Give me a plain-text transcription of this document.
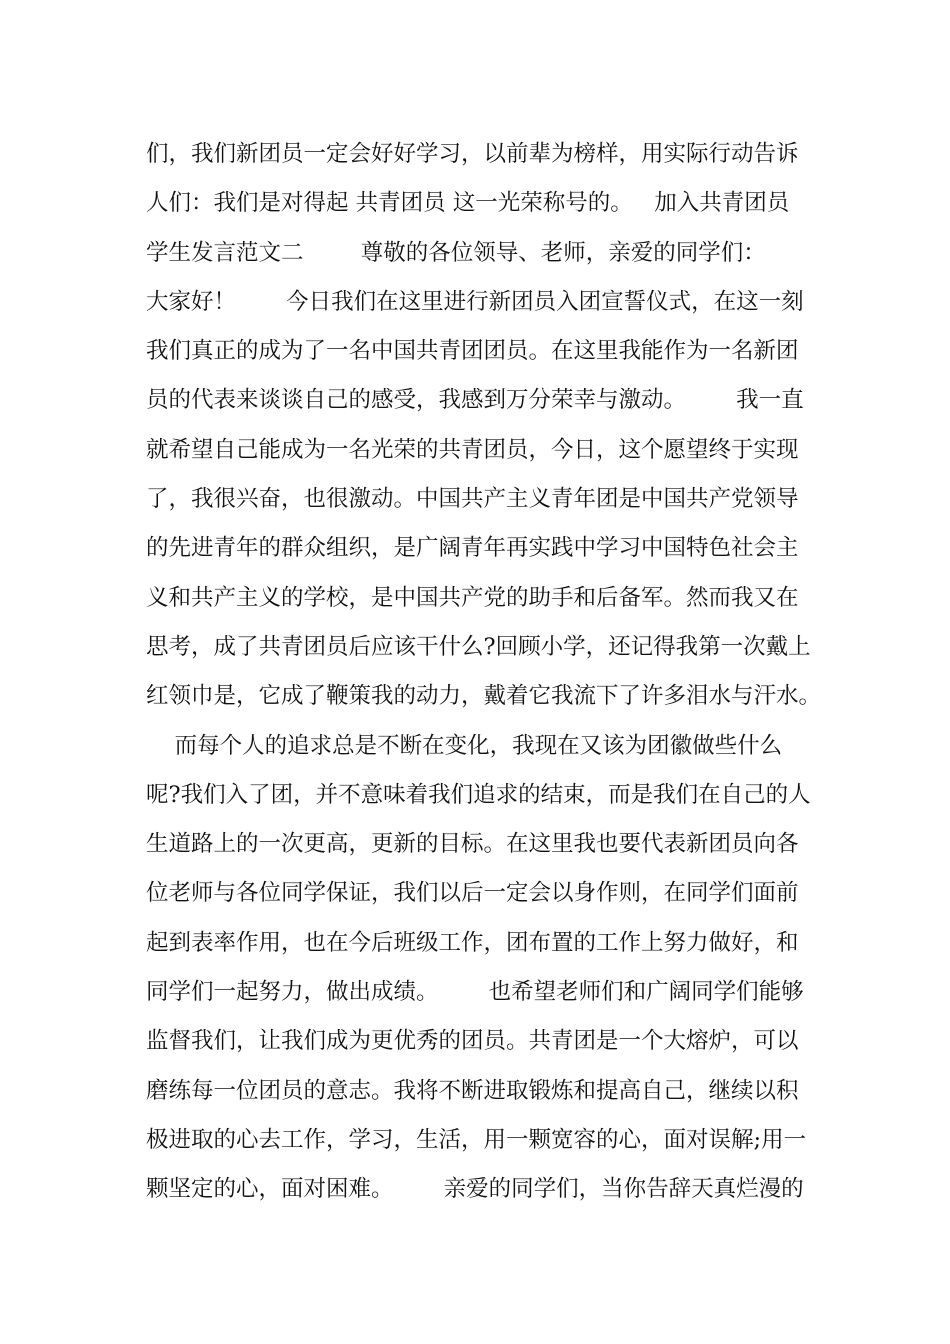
们，我们新团员一定会好好学习，以前辈为榜样，用实际行动告诉
人们：我们是对得起 共青团员 这一光荣称号的。   加入共青团员
学生发言范文二        尊敬的各位领导、老师，亲爱的同学们：
大家好！       今日我们在这里进行新团员入团宣誓仪式，在这一刻
我们真正的成为了一名中国共青团团员。在这里我能作为一名新团
员的代表来谈谈自己的感受，我感到万分荣幸与激动。       我一直
就希望自己能成为一名光荣的共青团员，今日，这个愿望终于实现
了，我很兴奋，也很激动。中国共产主义青年团是中国共产党领导
的先进青年的群众组织，是广阔青年再实践中学习中国特色社会主
义和共产主义的学校，是中国共产党的助手和后备军。然而我又在
思考，成了共青团员后应该干什么?回顾小学，还记得我第一次戴上
红领巾是，它成了鞭策我的动力，戴着它我流下了许多泪水与汗水。
而每个人的追求总是不断在变化，我现在又该为团徽做些什么
呢?我们入了团，并不意味着我们追求的结束，而是我们在自己的人
生道路上的一次更高，更新的目标。在这里我也要代表新团员向各
位老师与各位同学保证，我们以后一定会以身作则，在同学们面前
起到表率作用，也在今后班级工作，团布置的工作上努力做好，和
同学们一起努力，做出成绩。       也希望老师们和广阔同学们能够
监督我们，让我们成为更优秀的团员。共青团是一个大熔炉，可以
磨练每一位团员的意志。我将不断进取锻炼和提高自己，继续以积
极进取的心去工作，学习，生活，用一颗宽容的心，面对误解;用一
颗坚定的心，面对困难。       亲爱的同学们，当你告辞天真烂漫的
